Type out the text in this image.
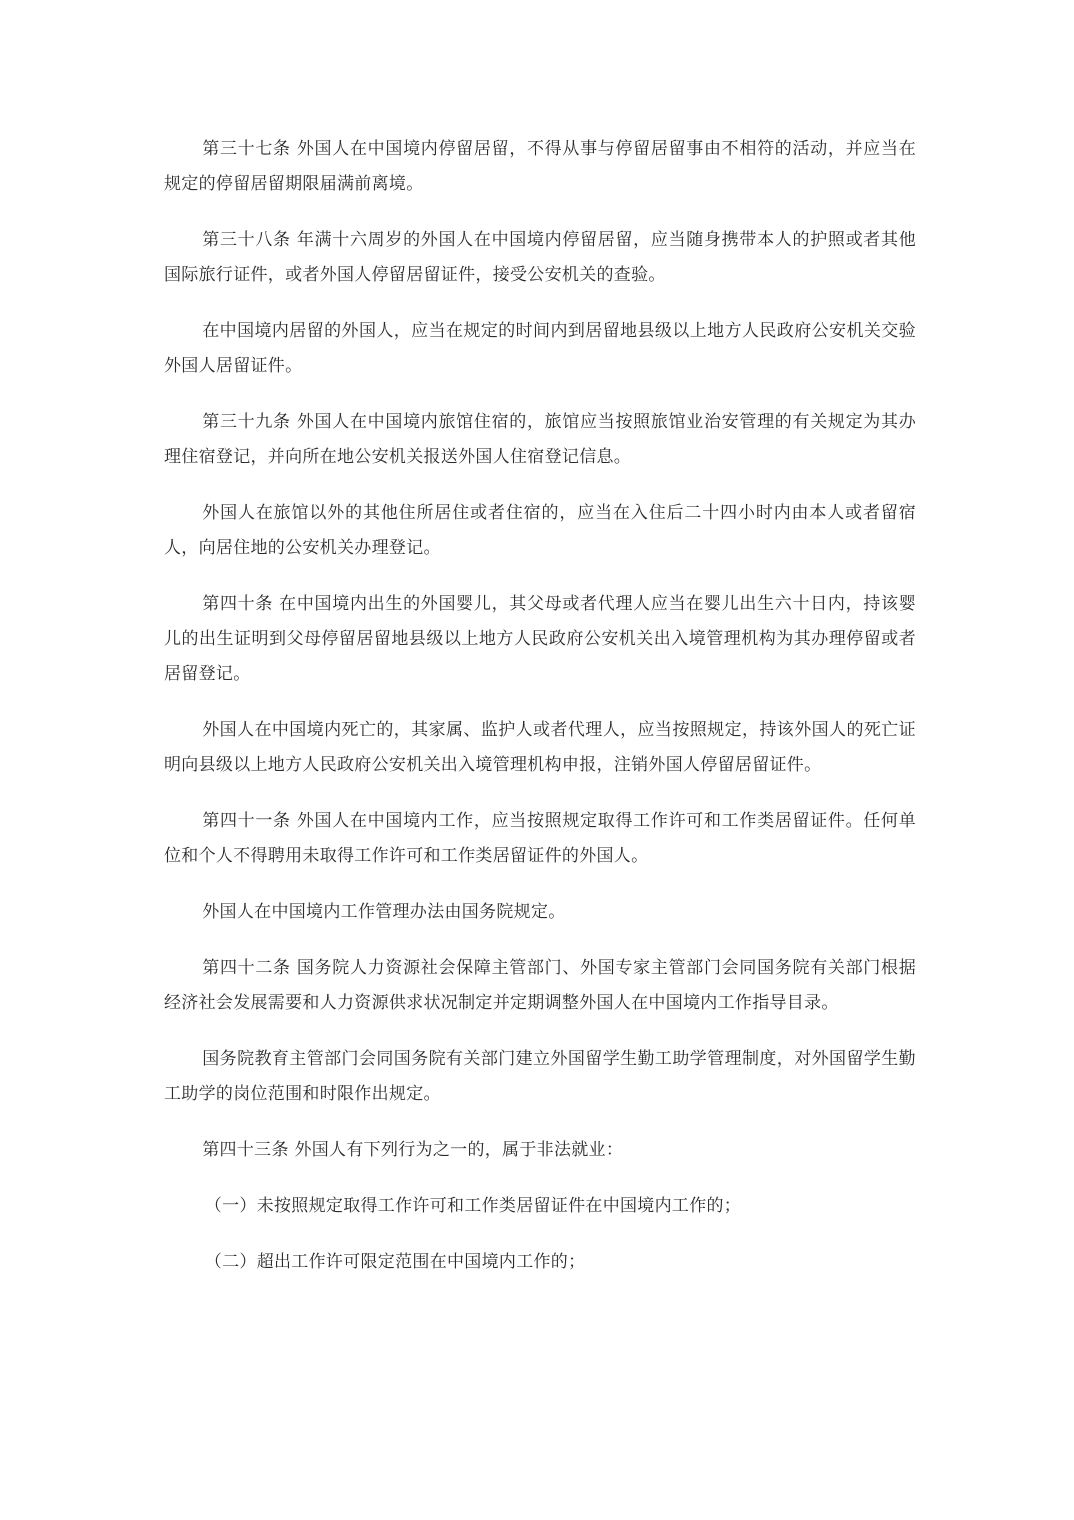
第三十七条 外国人在中国境内停留居留，不得从事与停留居留事由不相符的活动，并应当在规定的停留居留期限届满前离境。

第三十八条 年满十六周岁的外国人在中国境内停留居留，应当随身携带本人的护照或者其他国际旅行证件，或者外国人停留居留证件，接受公安机关的查验。

在中国境内居留的外国人，应当在规定的时间内到居留地县级以上地方人民政府公安机关交验外国人居留证件。

第三十九条 外国人在中国境内旅馆住宿的，旅馆应当按照旅馆业治安管理的有关规定为其办理住宿登记，并向所在地公安机关报送外国人住宿登记信息。

外国人在旅馆以外的其他住所居住或者住宿的，应当在入住后二十四小时内由本人或者留宿人，向居住地的公安机关办理登记。

第四十条 在中国境内出生的外国婴儿，其父母或者代理人应当在婴儿出生六十日内，持该婴儿的出生证明到父母停留居留地县级以上地方人民政府公安机关出入境管理机构为其办理停留或者居留登记。

外国人在中国境内死亡的，其家属、监护人或者代理人，应当按照规定，持该外国人的死亡证明向县级以上地方人民政府公安机关出入境管理机构申报，注销外国人停留居留证件。

第四十一条 外国人在中国境内工作，应当按照规定取得工作许可和工作类居留证件。任何单位和个人不得聘用未取得工作许可和工作类居留证件的外国人。

外国人在中国境内工作管理办法由国务院规定。

第四十二条 国务院人力资源社会保障主管部门、外国专家主管部门会同国务院有关部门根据经济社会发展需要和人力资源供求状况制定并定期调整外国人在中国境内工作指导目录。

国务院教育主管部门会同国务院有关部门建立外国留学生勤工助学管理制度，对外国留学生勤工助学的岗位范围和时限作出规定。

第四十三条 外国人有下列行为之一的，属于非法就业：

（一）未按照规定取得工作许可和工作类居留证件在中国境内工作的；

（二）超出工作许可限定范围在中国境内工作的；
